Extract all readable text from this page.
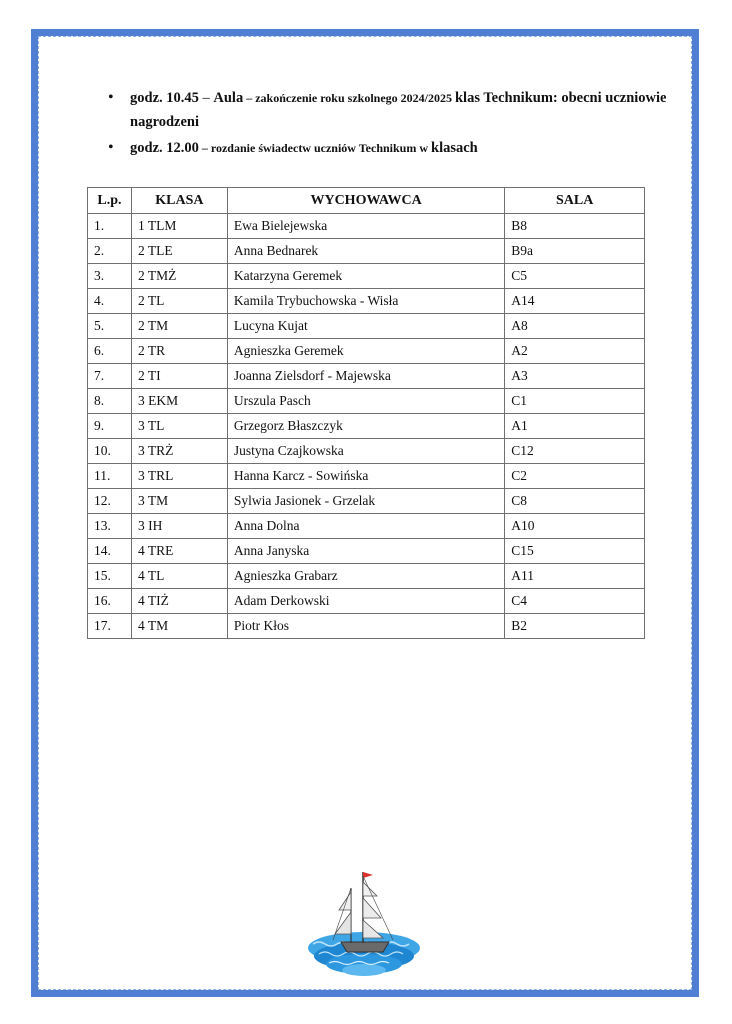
• godz. 10.45 – Aula – zakończenie roku szkolnego 2024/2025 klas Technikum: obecni uczniowie nagrodzeni
• godz. 12.00 – rozdanie świadectw uczniów Technikum w klasach
L.p.	KLASA	WYCHOWAWCA	SALA
1.	1 TLM	Ewa Bielejewska	B8
2.	2 TLE	Anna Bednarek	B9a
3.	2 TMŻ	Katarzyna Geremek	C5
4.	2 TL	Kamila Trybuchowska - Wisła	A14
5.	2 TM	Lucyna Kujat	A8
6.	2 TR	Agnieszka Geremek	A2
7.	2 TI	Joanna Zielsdorf - Majewska	A3
8.	3 EKM	Urszula Pasch	C1
9.	3 TL	Grzegorz Błaszczyk	A1
10.	3 TRŻ	Justyna Czajkowska	C12
11.	3 TRL	Hanna Karcz - Sowińska	C2
12.	3 TM	Sylwia Jasionek - Grzelak	C8
13.	3 IH	Anna Dolna	A10
14.	4 TRE	Anna Janyska	C15
15.	4 TL	Agnieszka Grabarz	A11
16.	4 TIŻ	Adam Derkowski	C4
17.	4 TM	Piotr Kłos	B2
